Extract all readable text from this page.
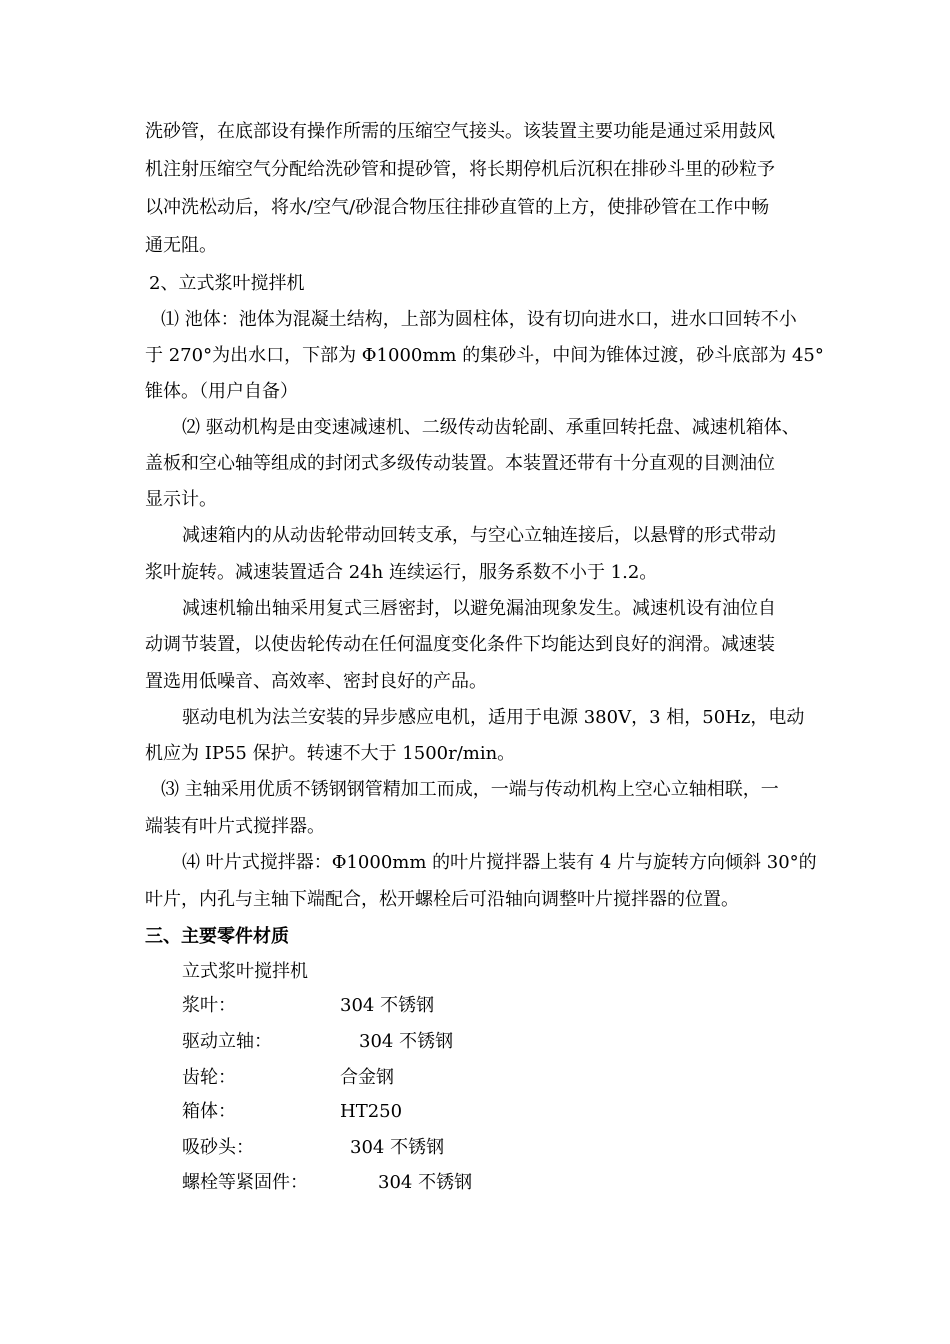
洗砂管，在底部设有操作所需的压缩空气接头。该装置主要功能是通过采用鼓风
机注射压缩空气分配给洗砂管和提砂管，将长期停机后沉积在排砂斗里的砂粒予
以冲洗松动后，将水/空气/砂混合物压往排砂直管的上方，使排砂管在工作中畅
通无阻。
2、立式浆叶搅拌机
⑴ 池体：池体为混凝土结构，上部为圆柱体，设有切向进水口，进水口回转不小
于 270°为出水口，下部为 Φ1000mm 的集砂斗，中间为锥体过渡，砂斗底部为 45°
锥体。（用户自备）
⑵ 驱动机构是由变速减速机、二级传动齿轮副、承重回转托盘、减速机箱体、
盖板和空心轴等组成的封闭式多级传动装置。本装置还带有十分直观的目测油位
显示计。
减速箱内的从动齿轮带动回转支承，与空心立轴连接后，以悬臂的形式带动
浆叶旋转。减速装置适合 24h 连续运行，服务系数不小于 1.2。
减速机输出轴采用复式三唇密封，以避免漏油现象发生。减速机设有油位自
动调节装置，以使齿轮传动在任何温度变化条件下均能达到良好的润滑。减速装
置选用低噪音、高效率、密封良好的产品。
驱动电机为法兰安装的异步感应电机，适用于电源 380V，3 相，50Hz，电动
机应为 IP55 保护。转速不大于 1500r/min。
⑶ 主轴采用优质不锈钢钢管精加工而成，一端与传动机构上空心立轴相联，一
端装有叶片式搅拌器。
⑷ 叶片式搅拌器：Φ1000mm 的叶片搅拌器上装有 4 片与旋转方向倾斜 30°的
叶片，内孔与主轴下端配合，松开螺栓后可沿轴向调整叶片搅拌器的位置。
三、主要零件材质
立式浆叶搅拌机
浆叶：	304 不锈钢
驱动立轴：	304 不锈钢
齿轮：	合金钢
箱体：	HT250
吸砂头：	304 不锈钢
螺栓等紧固件：	304 不锈钢
